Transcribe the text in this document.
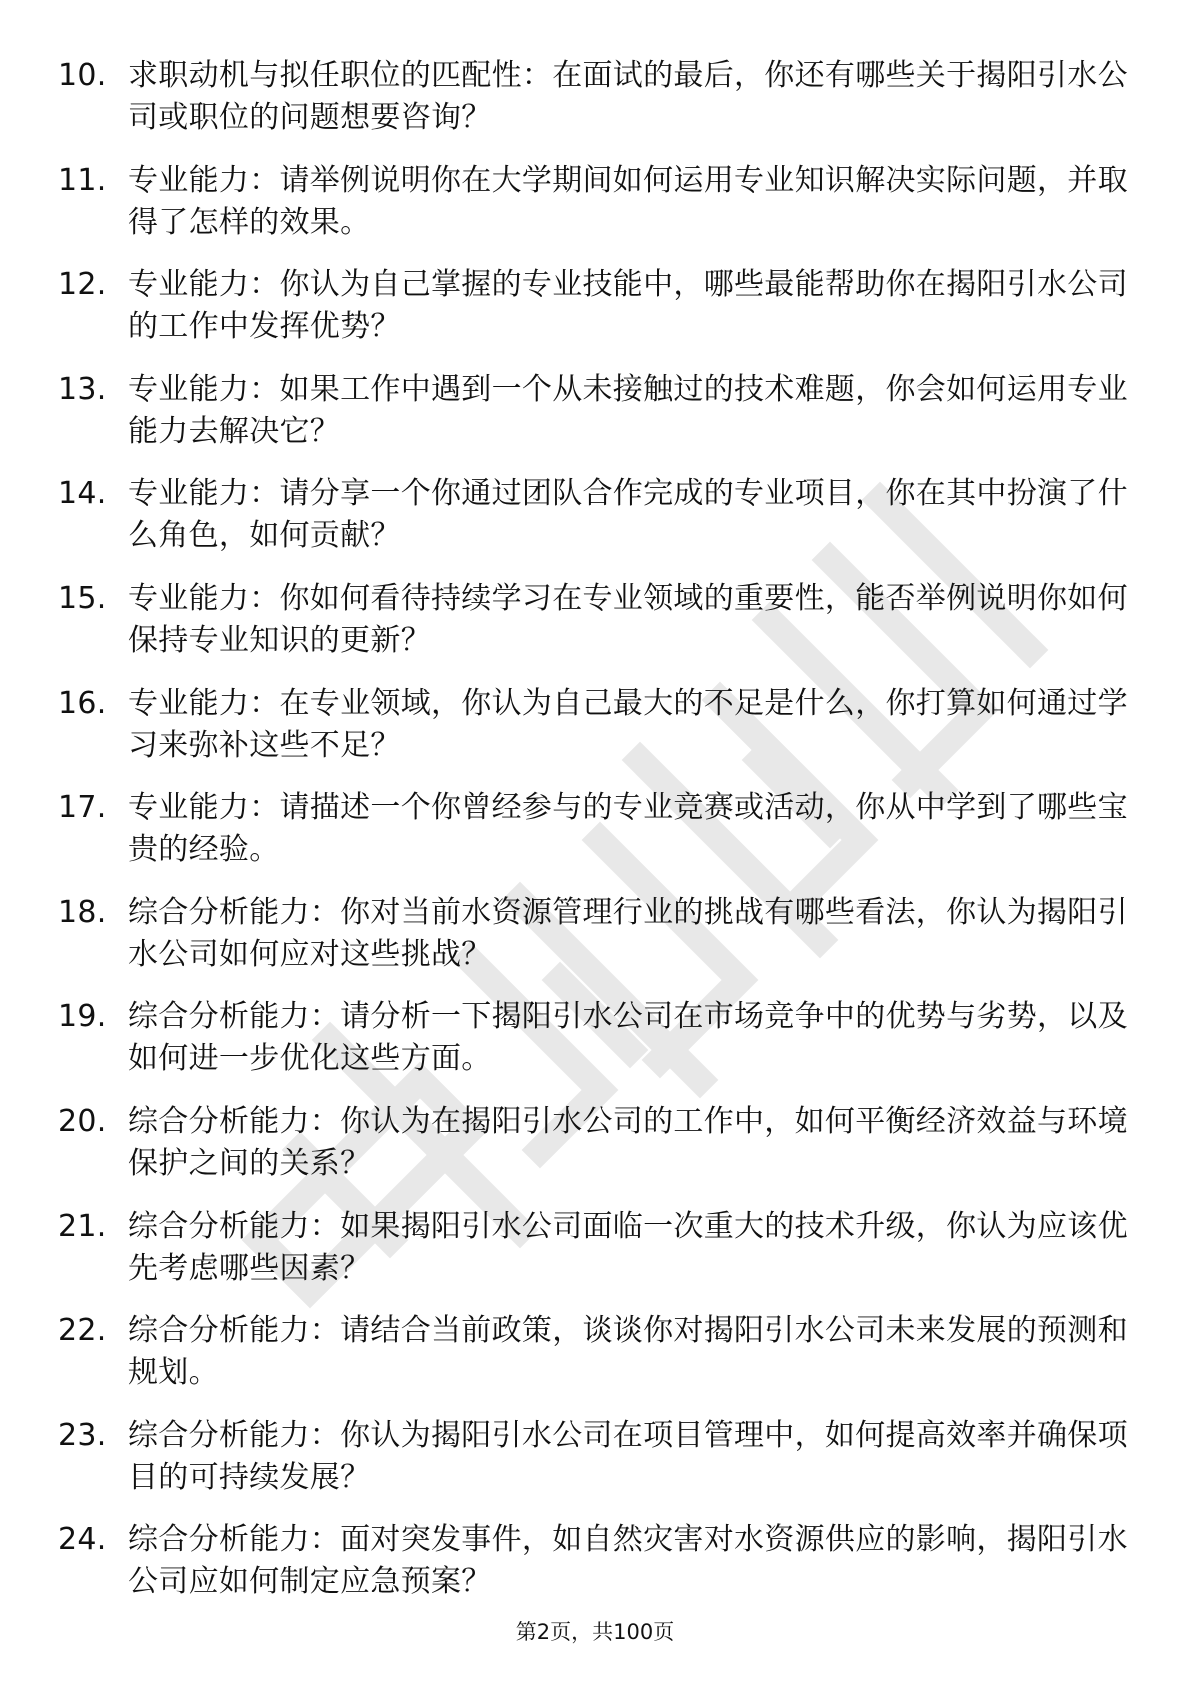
10. 求职动机与拟任职位的匹配性：在面试的最后，你还有哪些关于揭阳引水公司或职位的问题想要咨询？
11. 专业能力：请举例说明你在大学期间如何运用专业知识解决实际问题，并取得了怎样的效果。
12. 专业能力：你认为自己掌握的专业技能中，哪些最能帮助你在揭阳引水公司的工作中发挥优势？
13. 专业能力：如果工作中遇到一个从未接触过的技术难题，你会如何运用专业能力去解决它？
14. 专业能力：请分享一个你通过团队合作完成的专业项目，你在其中扮演了什么角色，如何贡献？
15. 专业能力：你如何看待持续学习在专业领域的重要性，能否举例说明你如何保持专业知识的更新？
16. 专业能力：在专业领域，你认为自己最大的不足是什么，你打算如何通过学习来弥补这些不足？
17. 专业能力：请描述一个你曾经参与的专业竞赛或活动，你从中学到了哪些宝贵的经验。
18. 综合分析能力：你对当前水资源管理行业的挑战有哪些看法，你认为揭阳引水公司如何应对这些挑战？
19. 综合分析能力：请分析一下揭阳引水公司在市场竞争中的优势与劣势，以及如何进一步优化这些方面。
20. 综合分析能力：你认为在揭阳引水公司的工作中，如何平衡经济效益与环境保护之间的关系？
21. 综合分析能力：如果揭阳引水公司面临一次重大的技术升级，你认为应该优先考虑哪些因素？
22. 综合分析能力：请结合当前政策，谈谈你对揭阳引水公司未来发展的预测和规划。
23. 综合分析能力：你认为揭阳引水公司在项目管理中，如何提高效率并确保项目的可持续发展？
24. 综合分析能力：面对突发事件，如自然灾害对水资源供应的影响，揭阳引水公司应如何制定应急预案？
第2页，共100页
